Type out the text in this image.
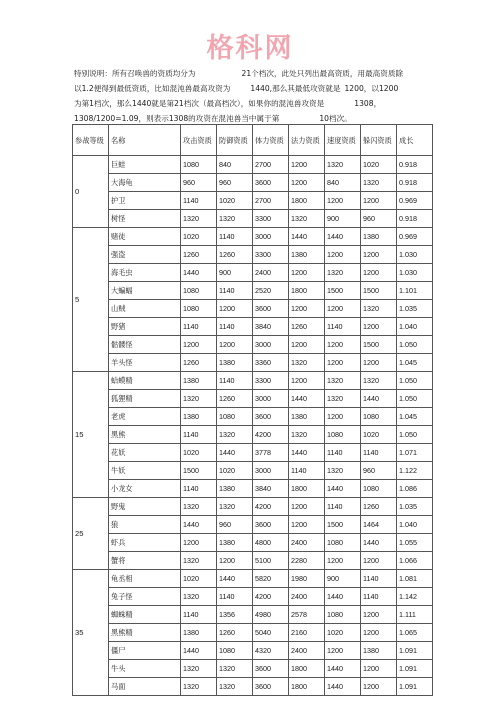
格科网
特别说明：所有召唤兽的资质均分为	21个档次，此处只列出最高资质，用最高资质除
以1.2便得到最低资质，比如混沌兽最高攻资为	1440,那么其最低攻资就是 1200，以1200
为第1档次，那么1440就是第21档次（最高档次），如果你的混沌兽攻资是	1308，
1308/1200=1.09，则表示1308的攻资在混沌兽当中属于第	10档次。
参战等级	名称	攻击资质	防御资质	体力资质	法力资质	速度资质	躲闪资质	成长
0	巨蛙	1080	840	2700	1200	1320	1020	0.918
	大海龟	960	960	3600	1200	840	1320	0.918
	护卫	1140	1020	2700	1800	1200	1200	0.969
	树怪	1320	1320	3300	1320	900	960	0.918
5	赌徒	1020	1140	3000	1440	1440	1380	0.969
	强盗	1260	1260	3300	1380	1200	1200	1.030
	海毛虫	1440	900	2400	1200	1320	1200	1.030
	大蝙蝠	1080	1140	2520	1800	1500	1500	1.101
	山贼	1080	1200	3600	1200	1200	1320	1.035
	野猪	1140	1140	3840	1260	1140	1200	1.040
	骷髅怪	1200	1200	3000	1200	1200	1500	1.050
	羊头怪	1260	1380	3360	1320	1200	1200	1.045
15	蛤蟆精	1380	1140	3300	1200	1320	1320	1.050
	狐狸精	1320	1260	3000	1440	1320	1440	1.050
	老虎	1380	1080	3600	1380	1200	1080	1.045
	黑熊	1140	1320	4200	1320	1080	1020	1.050
	花妖	1020	1440	3778	1440	1140	1140	1.071
	牛妖	1500	1020	3000	1140	1320	960	1.122
	小龙女	1140	1380	3840	1800	1440	1080	1.086
25	野鬼	1320	1320	4200	1200	1140	1260	1.035
	狼	1440	960	3600	1200	1500	1464	1.040
	虾兵	1200	1380	4800	2400	1080	1440	1.055
	蟹将	1320	1200	5100	2280	1200	1200	1.066
35	龟丞相	1020	1440	5820	1980	900	1140	1.081
	兔子怪	1320	1140	4200	2400	1440	1140	1.142
	蜘蛛精	1140	1356	4980	2578	1080	1200	1.111
	黑熊精	1380	1260	5040	2160	1020	1200	1.065
	僵尸	1440	1080	4320	2400	1200	1380	1.091
	牛头	1320	1320	3600	1800	1440	1200	1.091
	马面	1320	1320	3600	1800	1440	1200	1.091
